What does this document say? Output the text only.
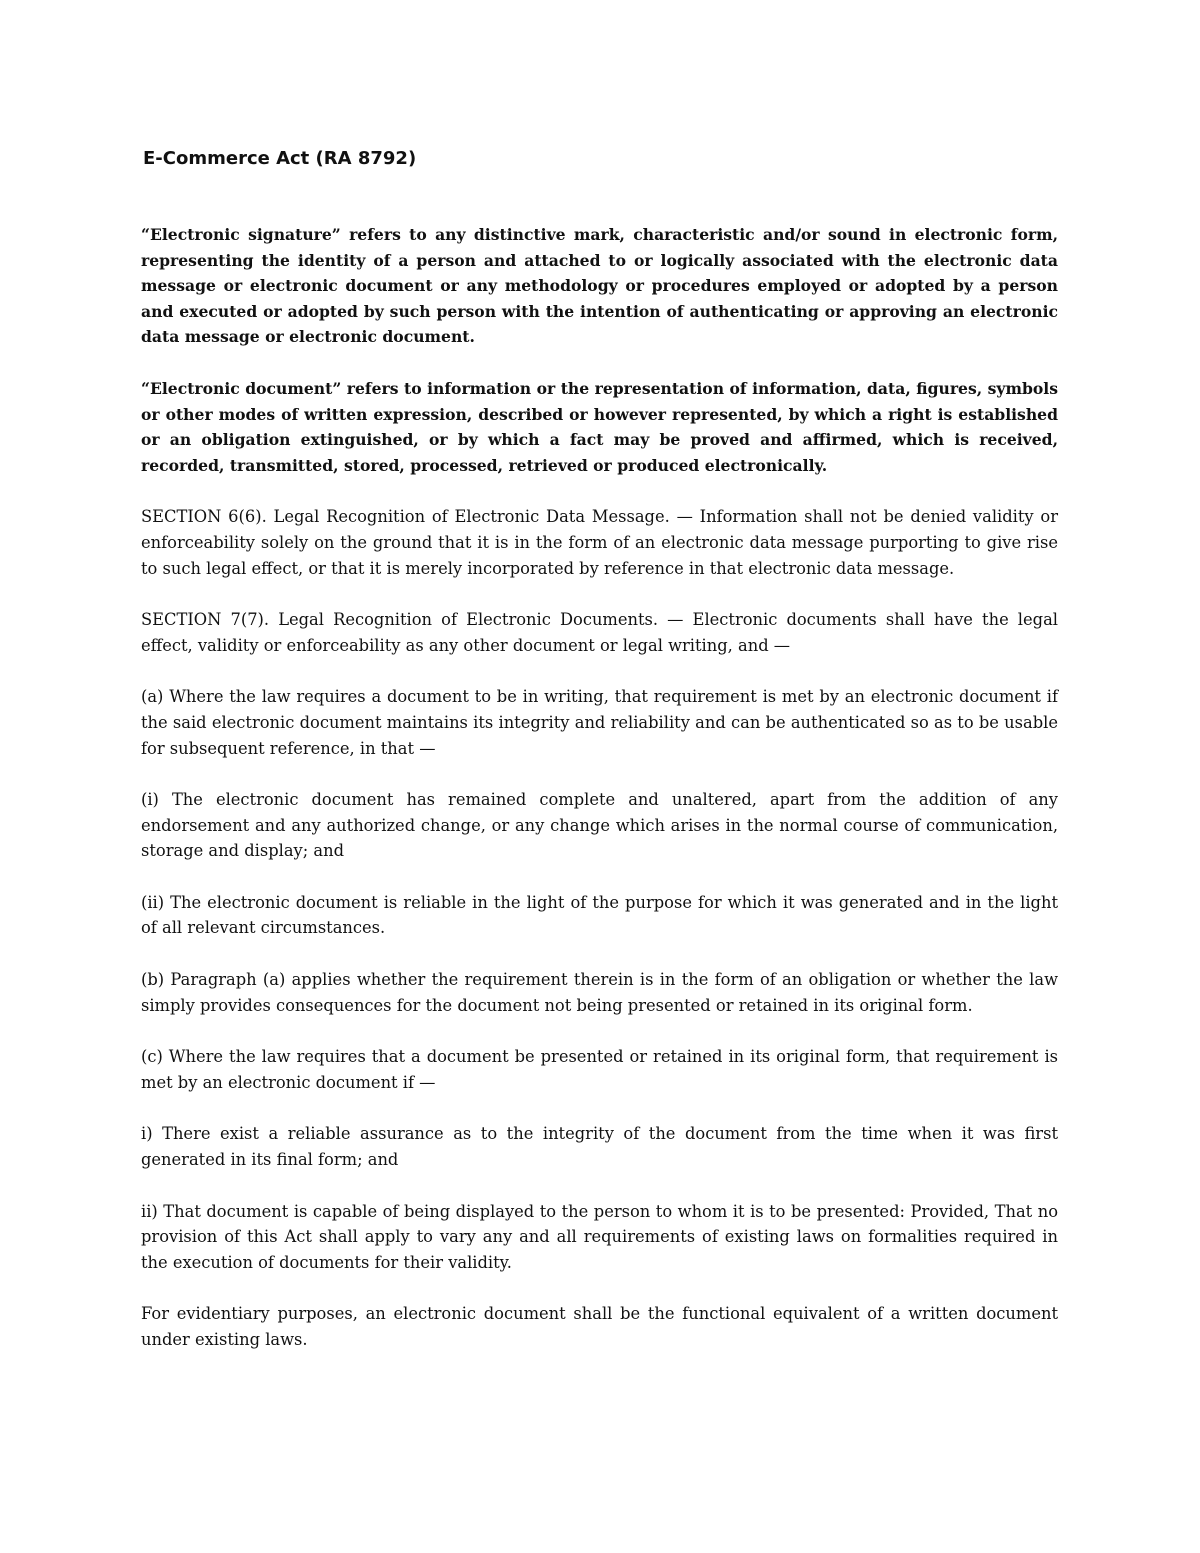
E-Commerce Act (RA 8792)

“Electronic signature” refers to any distinctive mark, characteristic and/or sound in electronic form, representing the identity of a person and attached to or logically associated with the electronic data message or electronic document or any methodology or procedures employed or adopted by a person and executed or adopted by such person with the intention of authenticating or approving an electronic data message or electronic document.

“Electronic document” refers to information or the representation of information, data, figures, symbols or other modes of written expression, described or however represented, by which a right is established or an obligation extinguished, or by which a fact may be proved and affirmed, which is received, recorded, transmitted, stored, processed, retrieved or produced electronically.

SECTION 6(6). Legal Recognition of Electronic Data Message. — Information shall not be denied validity or enforceability solely on the ground that it is in the form of an electronic data message purporting to give rise to such legal effect, or that it is merely incorporated by reference in that electronic data message.

SECTION 7(7). Legal Recognition of Electronic Documents. — Electronic documents shall have the legal effect, validity or enforceability as any other document or legal writing, and —

(a) Where the law requires a document to be in writing, that requirement is met by an electronic document if the said electronic document maintains its integrity and reliability and can be authenticated so as to be usable for subsequent reference, in that —

(i) The electronic document has remained complete and unaltered, apart from the addition of any endorsement and any authorized change, or any change which arises in the normal course of communication, storage and display; and

(ii) The electronic document is reliable in the light of the purpose for which it was generated and in the light of all relevant circumstances.

(b) Paragraph (a) applies whether the requirement therein is in the form of an obligation or whether the law simply provides consequences for the document not being presented or retained in its original form.

(c) Where the law requires that a document be presented or retained in its original form, that requirement is met by an electronic document if —

i) There exist a reliable assurance as to the integrity of the document from the time when it was first generated in its final form; and

ii) That document is capable of being displayed to the person to whom it is to be presented: Provided, That no provision of this Act shall apply to vary any and all requirements of existing laws on formalities required in the execution of documents for their validity.

For evidentiary purposes, an electronic document shall be the functional equivalent of a written document under existing laws.
